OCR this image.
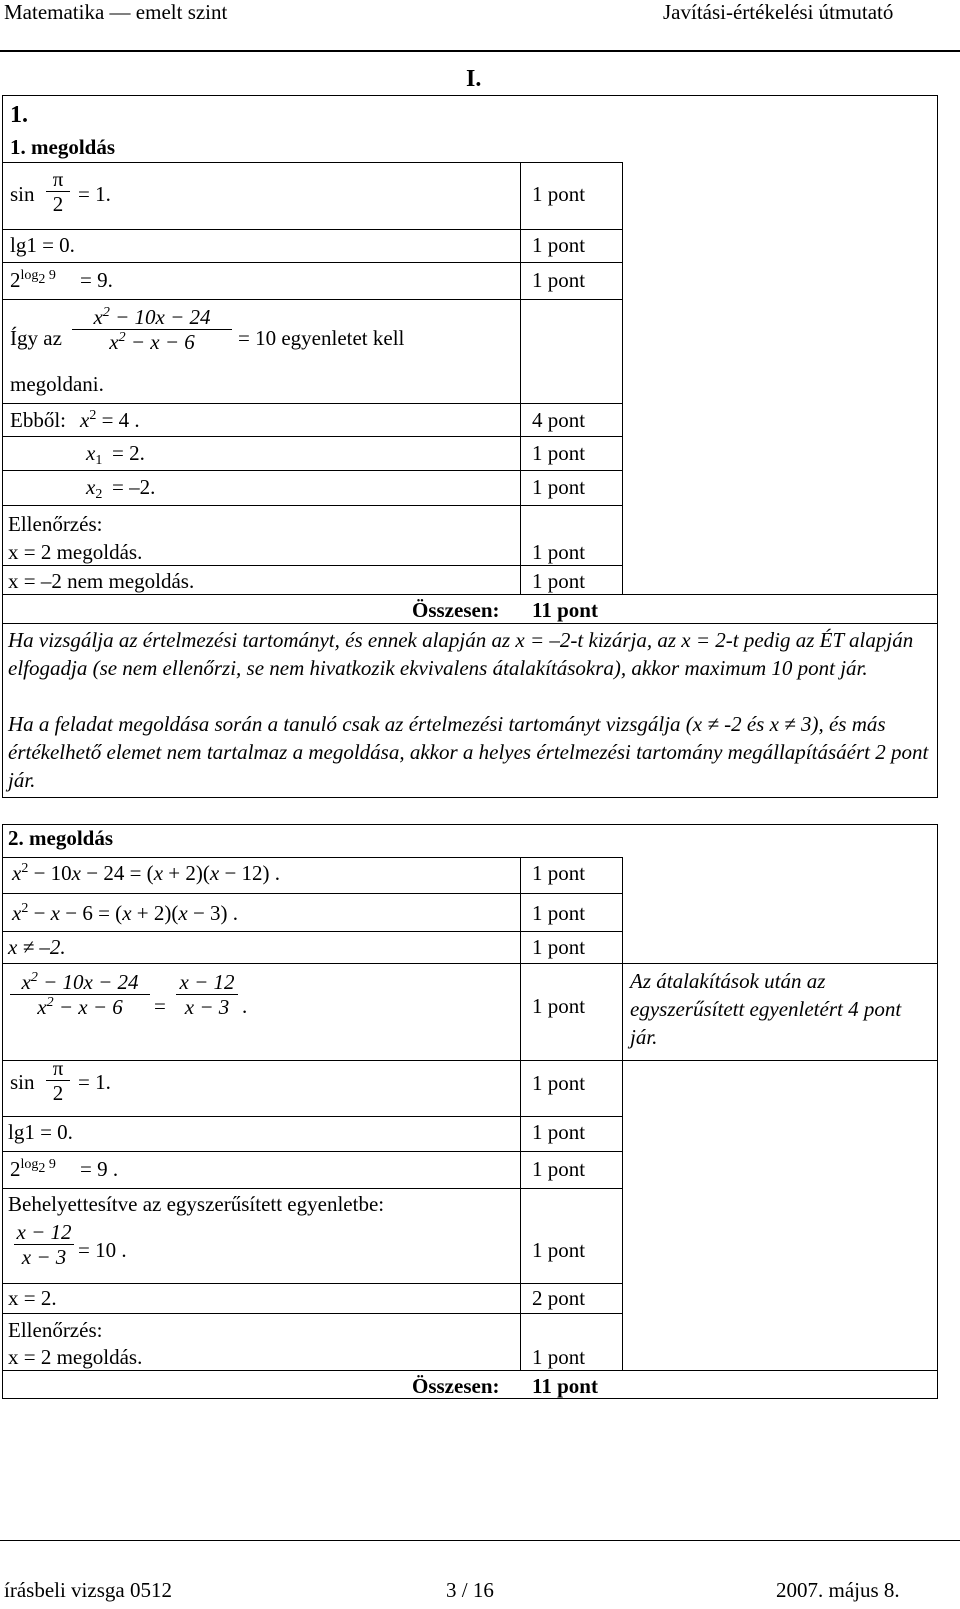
Matematika — emelt szint	Javítási-értékelési útmutató
I.
1.
1. megoldás
$\sin \frac{\pi}{2} = 1$.	1 pont
lg1 = 0.	1 pont
$2^{log_2 9} = 9$.	1 pont
Így az $\frac{x^2 - 10x - 24}{x^2 - x - 6} = 10$ egyenletet kell
megoldani.
Ebből: $x^2 = 4$ .	4 pont
$x_1 = 2$.	1 pont
$x_2 = -2$.	1 pont
Ellenőrzés:
x = 2 megoldás.	1 pont
x = –2 nem megoldás.	1 pont
Összesen: 11 pont
Ha vizsgálja az értelmezési tartományt, és ennek alapján az x = –2-t kizárja, az x = 2-t pedig az ÉT alapján elfogadja (se nem ellenőrzi, se nem hivatkozik ekvivalens átalakításokra), akkor maximum 10 pont jár.
Ha a feladat megoldása során a tanuló csak az értelmezési tartományt vizsgálja (x ≠ -2 és x ≠ 3), és más értékelhető elemet nem tartalmaz a megoldása, akkor a helyes értelmezési tartomány megállapításáért 2 pont jár.
2. megoldás
$x^2 - 10x - 24 = (x + 2)(x - 12)$ .	1 pont
$x^2 - x - 6 = (x + 2)(x - 3)$ .	1 pont
x ≠ –2.	1 pont
$\frac{x^2 - 10x - 24}{x^2 - x - 6} = \frac{x - 12}{x - 3}$ .	1 pont
Az átalakítások után az egyszerűsített egyenletért 4 pont jár.
$\sin \frac{\pi}{2} = 1$.	1 pont
lg1 = 0.	1 pont
$2^{log_2 9} = 9$ .	1 pont
Behelyettesítve az egyszerűsített egyenletbe:
$\frac{x - 12}{x - 3} = 10$ .	1 pont
x = 2.	2 pont
Ellenőrzés:
x = 2 megoldás.	1 pont
Összesen: 11 pont
írásbeli vizsga 0512	3 / 16	2007. május 8.
